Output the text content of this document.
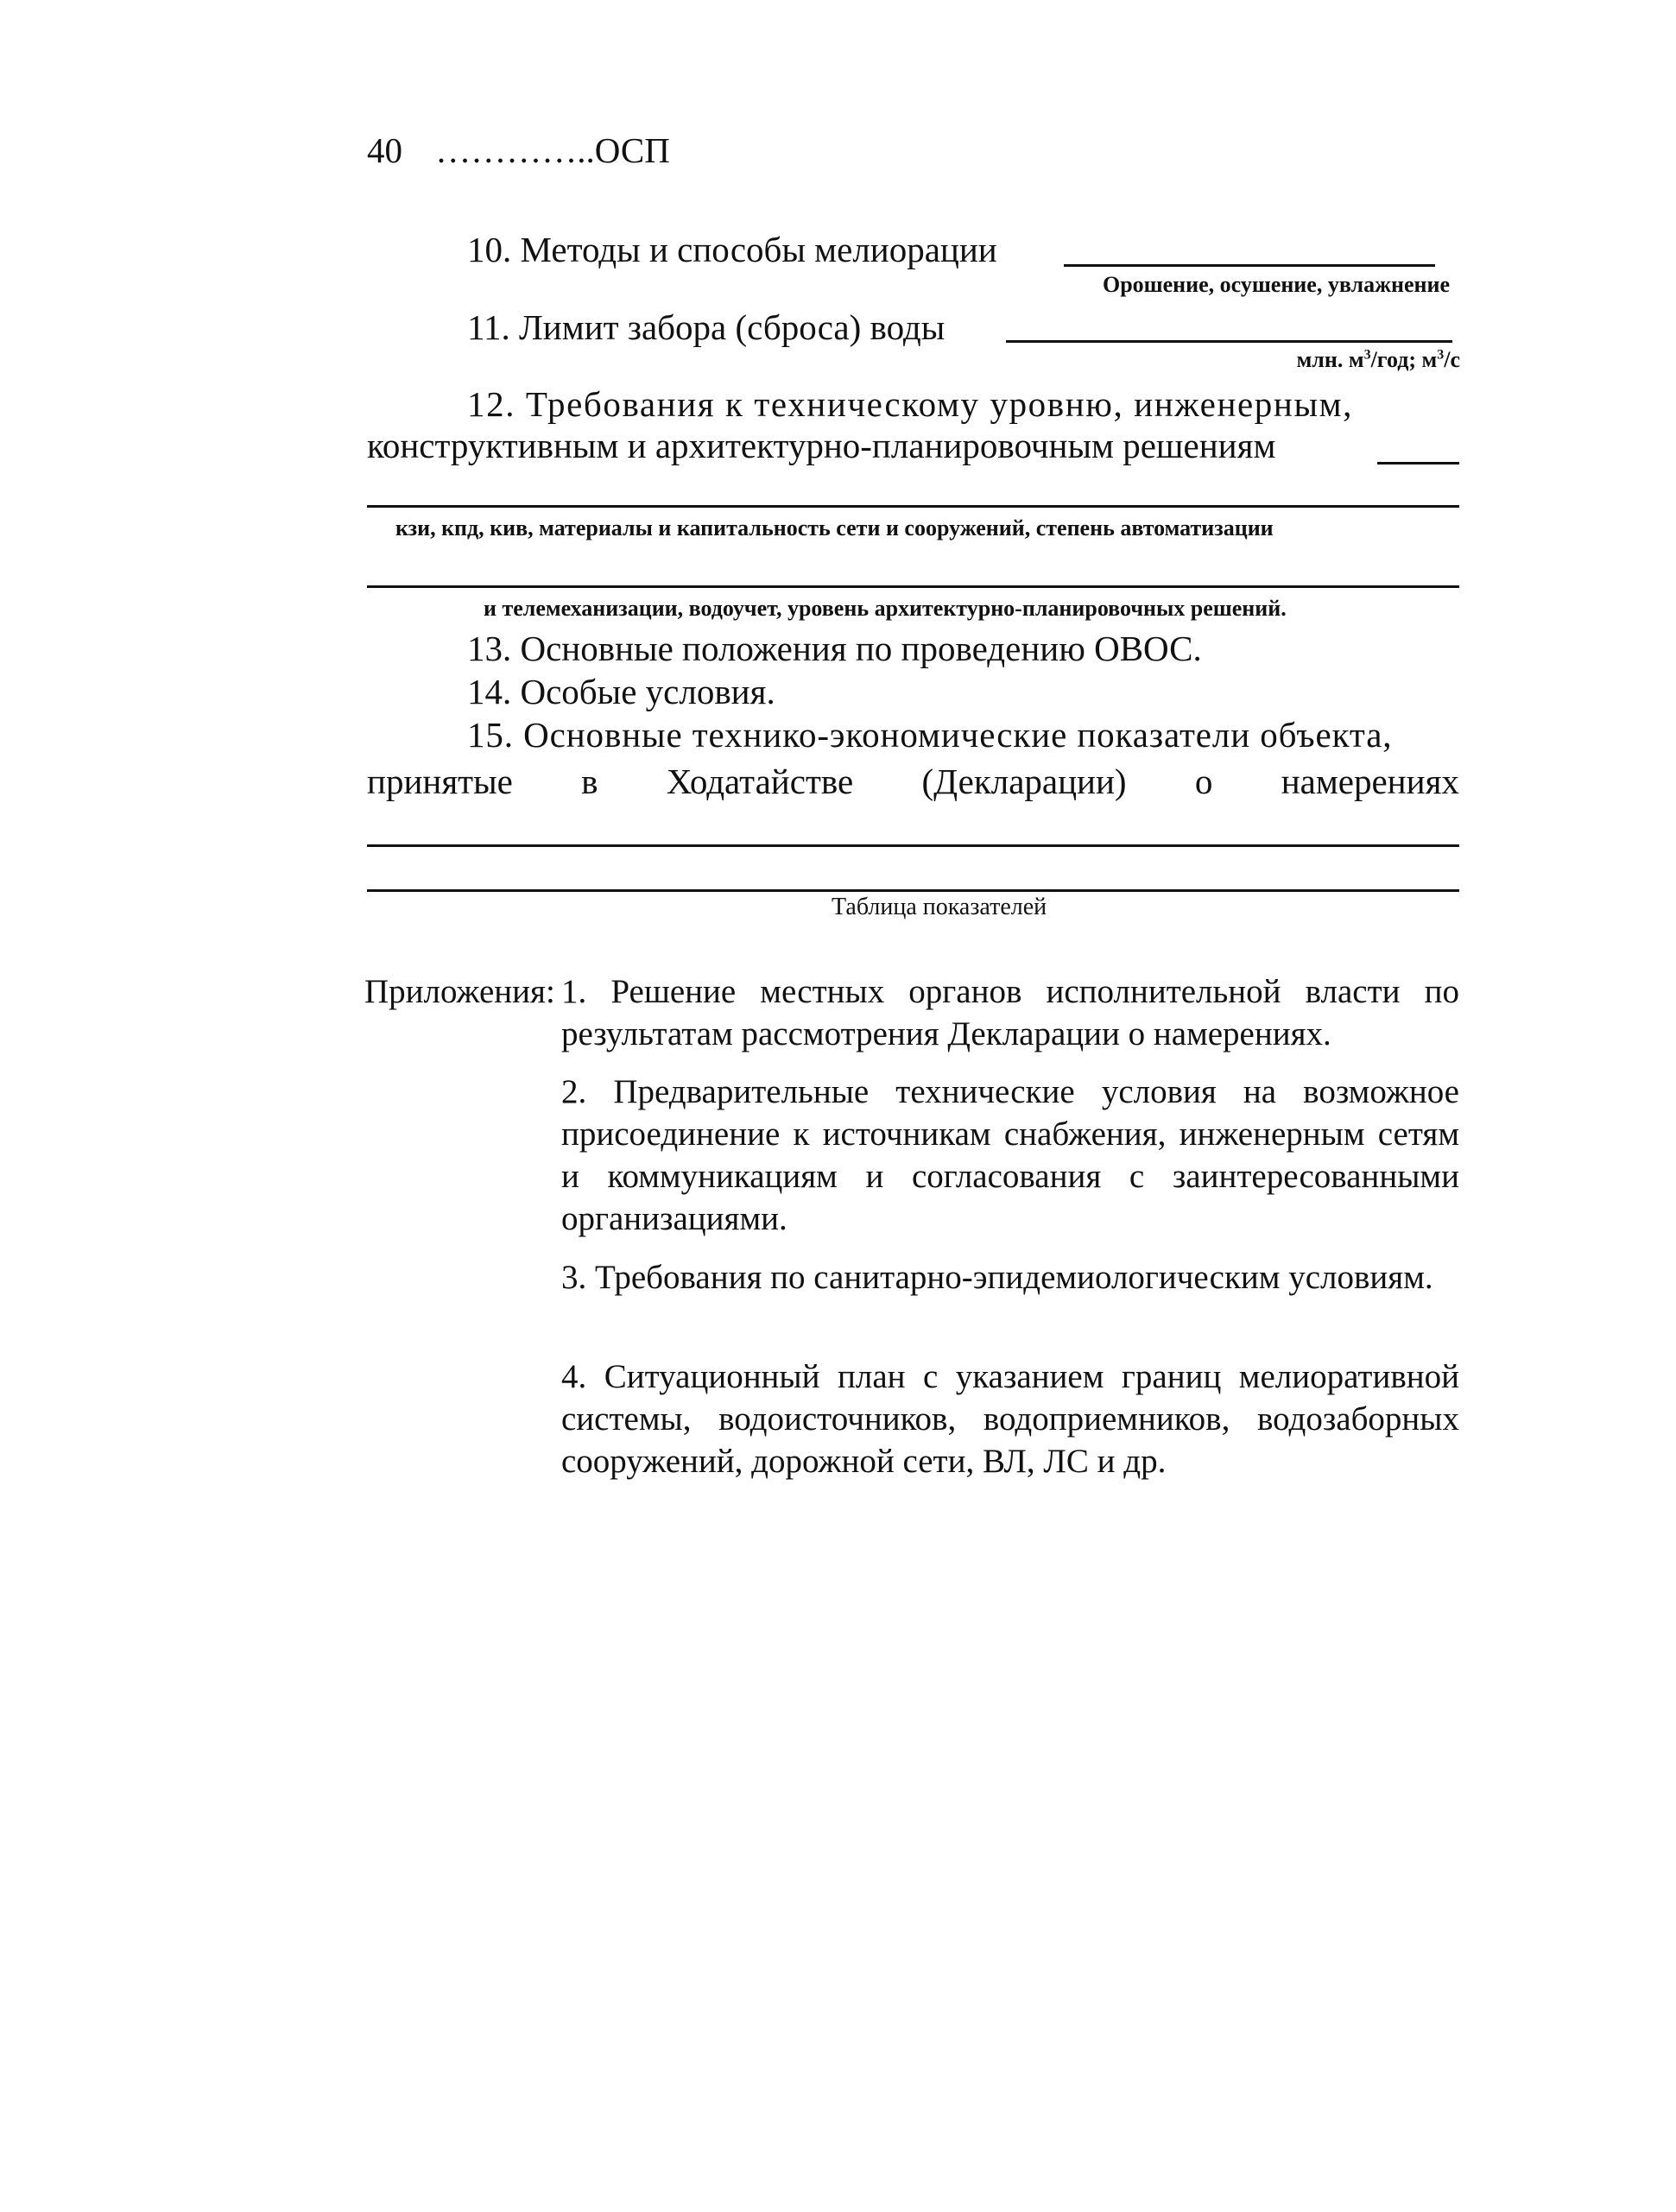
40 …………..ОСП
10. Методы и способы мелиорации
Орошение, осушение, увлажнение
11. Лимит забора (сброса) воды
млн. $м^3$/год; $м^3/с$
12. Требования к техническому уровню, инженерным,
конструктивным и архитектурно-планировочным решениям
кзи, кпд, кив, материалы и капитальность сети и сооружений, степень автоматизации
и телемеханизации, водоучет, уровень архитектурно-планировочных решений.
13. Основные положения по проведению ОВОС.
14. Особые условия.
15. Основные технико-экономические показатели объекта,
принятые в Ходатайстве (Декларации) о намерениях
Таблица показателей
Приложения: 1. Решение местных органов исполнительной власти по результатам рассмотрения Декларации о намерениях.
2. Предварительные технические условия на возможное присоединение к источникам снабжения, инженерным сетям и коммуникациям и согласования с заинтересованными организациями.
3. Требования по санитарно-эпидемиологическим условиям.
4. Ситуационный план с указанием границ мелиоративной системы, водоисточников, водоприемников, водозаборных сооружений, дорожной сети, ВЛ, ЛС и др.
